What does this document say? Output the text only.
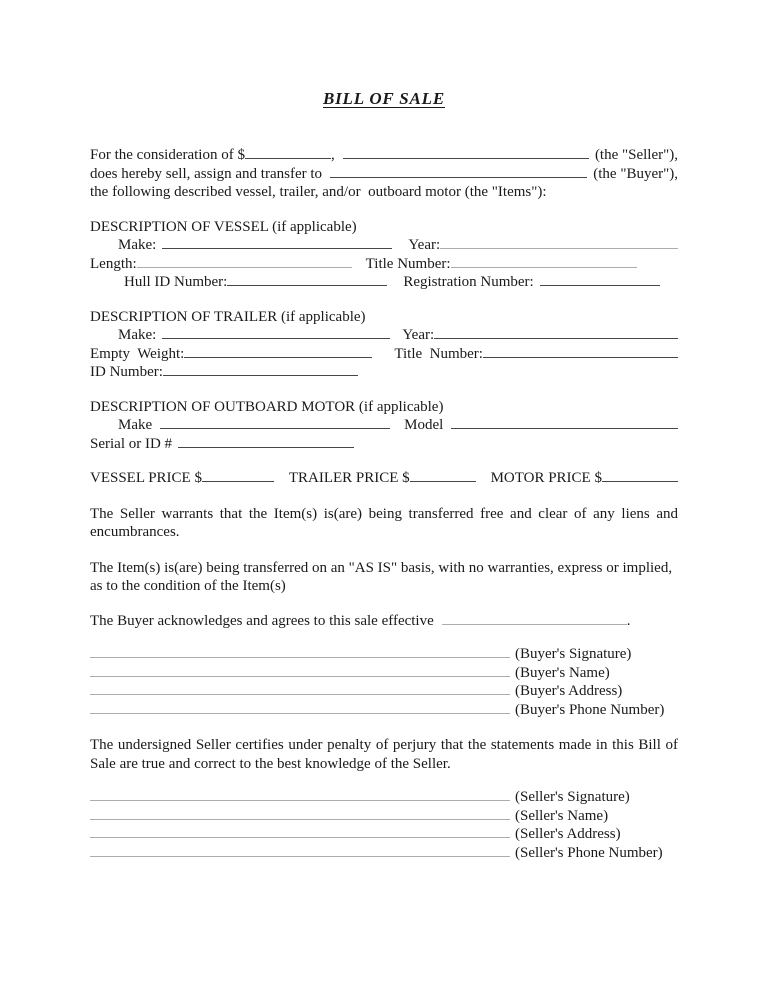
BILL OF SALE
For the consideration of $	,	(the "Seller"),
does hereby sell, assign and transfer to	(the "Buyer"),
the following described vessel, trailer, and/or  outboard motor (the "Items"):
DESCRIPTION OF VESSEL (if applicable)
Make:	Year:
Length:	Title Number:
Hull ID Number:	Registration Number:
DESCRIPTION OF TRAILER (if applicable)
Make:	Year:
Empty  Weight:	Title  Number:
ID Number:
DESCRIPTION OF OUTBOARD MOTOR (if applicable)
Make	Model
Serial or ID #
VESSEL PRICE $	TRAILER PRICE $	MOTOR PRICE $

The Seller warrants that the Item(s) is(are) being transferred free and clear of any liens and encumbrances.

The Item(s) is(are) being transferred on an "AS IS" basis, with no warranties, express or implied, as to the condition of the Item(s)

The Buyer acknowledges and agrees to this sale effective	.
(Buyer's Signature)
(Buyer's Name)
(Buyer's Address)
(Buyer's Phone Number)

The undersigned Seller certifies under penalty of perjury that the statements made in this Bill of Sale are true and correct to the best knowledge of the Seller.

(Seller's Signature)
(Seller's Name)
(Seller's Address)
(Seller's Phone Number)
